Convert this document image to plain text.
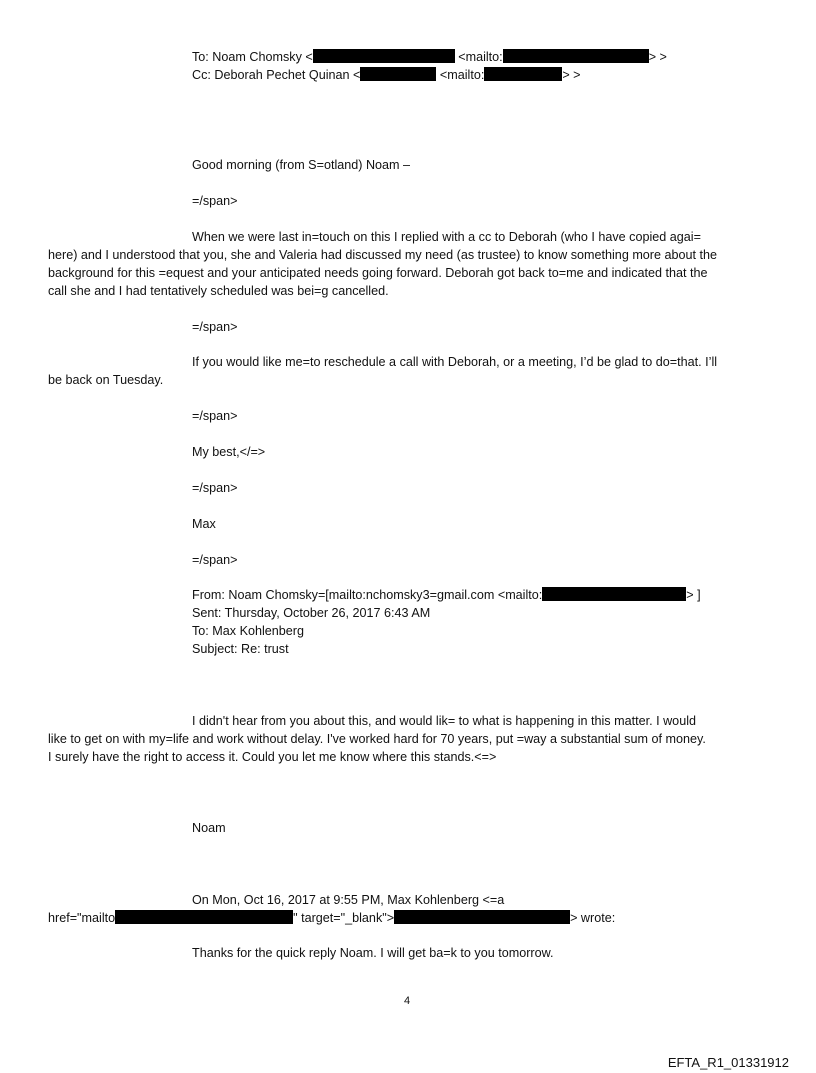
To: Noam Chomsky <	<mailto:	> >
Cc: Deborah Pechet Quinan <	<mailto:	> >
Good morning (from S=otland) Noam –
=/span>
When we were last in=touch on this I replied with a cc to Deborah (who I have copied agai=
here) and I understood that you, she and Valeria had discussed my need (as trustee) to know something more about the
background for this =equest and your anticipated needs going forward. Deborah got back to=me and indicated that the
call she and I had tentatively scheduled was bei=g cancelled.
=/span>
If you would like me=to reschedule a call with Deborah, or a meeting, I’d be glad to do=that. I’ll
be back on Tuesday.
=/span>
My best,</=>
=/span>
Max
=/span>
From: Noam Chomsky=[mailto:nchomsky3=gmail.com <mailto:	> ]
Sent: Thursday, October 26, 2017 6:43 AM
To: Max Kohlenberg
Subject: Re: trust
I didn't hear from you about this, and would lik= to what is happening in this matter. I would
like to get on with my=life and work without delay. I've worked hard for 70 years, put =way a substantial sum of money.
I surely have the right to access it. Could you let me know where this stands.<=>
Noam
On Mon, Oct 16, 2017 at 9:55 PM, Max Kohlenberg <=a
href="mailto	" target="_blank">	> wrote:
Thanks for the quick reply Noam. I will get ba=k to you tomorrow.
4
EFTA_R1_01331912
